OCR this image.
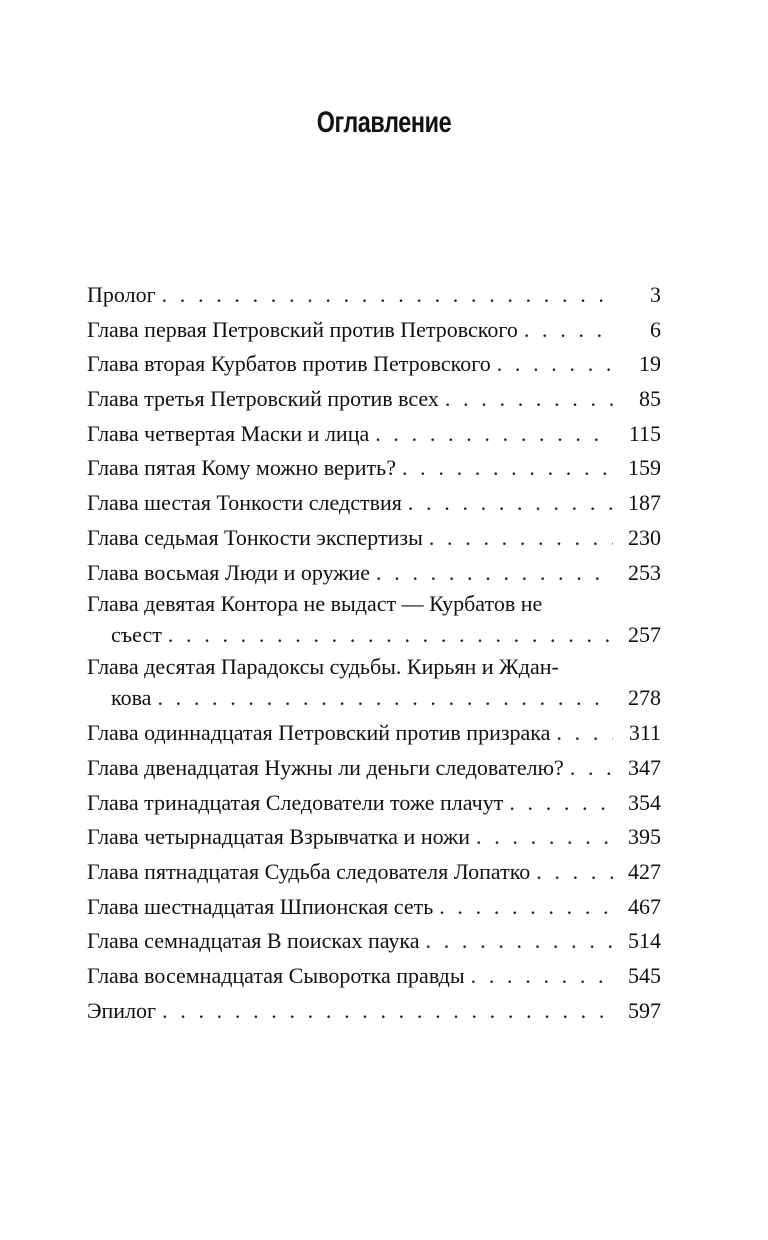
Оглавление
Пролог . . .	3
Глава первая Петровский против Петровского . . .	6
Глава вторая Курбатов против Петровского . . .	19
Глава третья Петровский против всех . . .	85
Глава четвертая Маски и лица . . .	115
Глава пятая Кому можно верить? . . .	159
Глава шестая Тонкости следствия . . .	187
Глава седьмая Тонкости экспертизы . . .	230
Глава восьмая Люди и оружие . . .	253
Глава девятая Контора не выдаст — Курбатов не
съест . . .	257
Глава десятая Парадоксы судьбы. Кирьян и Ждан-
кова . . .	278
Глава одиннадцатая Петровский против призрака . . .	311
Глава двенадцатая Нужны ли деньги следователю? . . .	347
Глава тринадцатая Следователи тоже плачут . . .	354
Глава четырнадцатая Взрывчатка и ножи . . .	395
Глава пятнадцатая Судьба следователя Лопатко . . .	427
Глава шестнадцатая Шпионская сеть . . .	467
Глава семнадцатая В поисках паука . . .	514
Глава восемнадцатая Сыворотка правды . . .	545
Эпилог . . .	597
